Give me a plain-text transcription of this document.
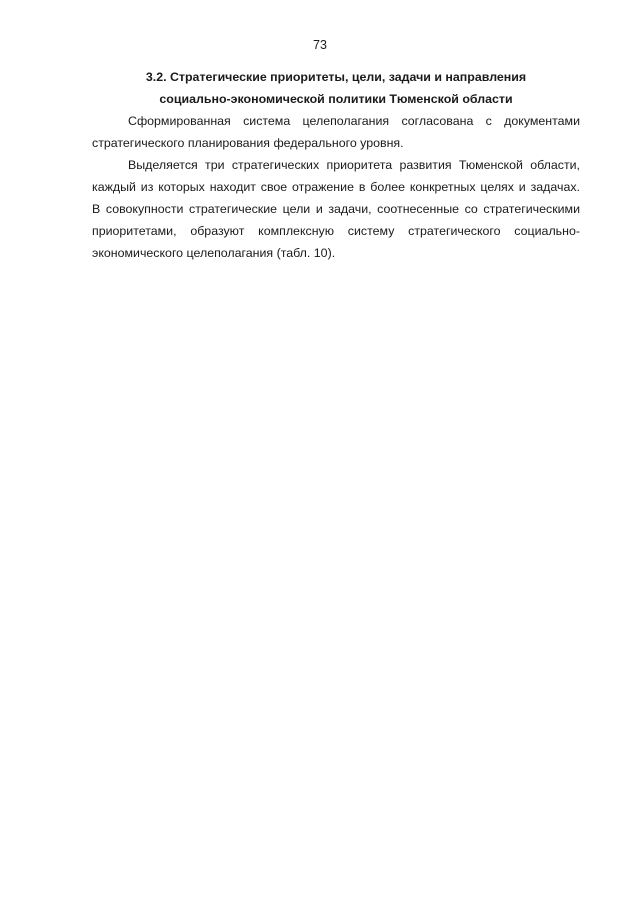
73
3.2. Стратегические приоритеты, цели, задачи и направления
социально-экономической политики Тюменской области
Сформированная система целеполагания согласована с документами
стратегического планирования федерального уровня.
Выделяется три стратегических приоритета развития Тюменской области,
каждый из которых находит свое отражение в более конкретных целях и задачах.
В совокупности стратегические цели и задачи, соотнесенные со стратегическими
приоритетами, образуют комплексную систему стратегического социально-
экономического целеполагания (табл. 10).
